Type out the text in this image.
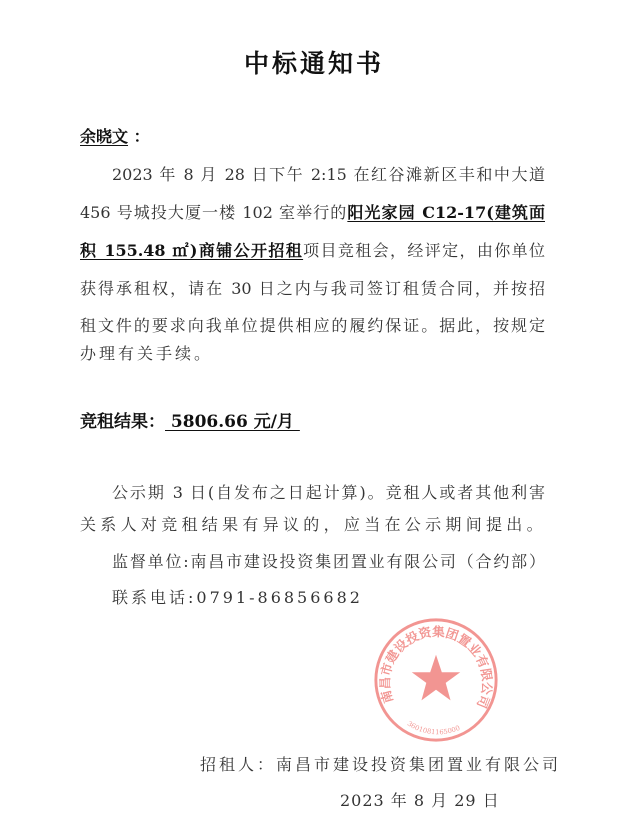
中标通知书
余晓文 ：
2023 年 8 月 28 日下午 2:15 在红谷滩新区丰和中大道
456 号城投大厦一楼 102 室举行的阳光家园 C12-17(建筑面
积 155.48 ㎡)商铺公开招租项目竞租会，经评定，由你单位
获得承租权，请在 30 日之内与我司签订租赁合同，并按招
租文件的要求向我单位提供相应的履约保证。据此，按规定
办理有关手续。
竞租结果： 5806.66 元/月
公示期 3 日(自发布之日起计算)。竞租人或者其他利害
关系人对竞租结果有异议的，应当在公示期间提出。
监督单位:南昌市建设投资集团置业有限公司（合约部）
联系电话:0791-86856682
南昌市建设投资集团置业有限公司
3601081165000
招租人：南昌市建设投资集团置业有限公司
2023 年 8 月 29 日
